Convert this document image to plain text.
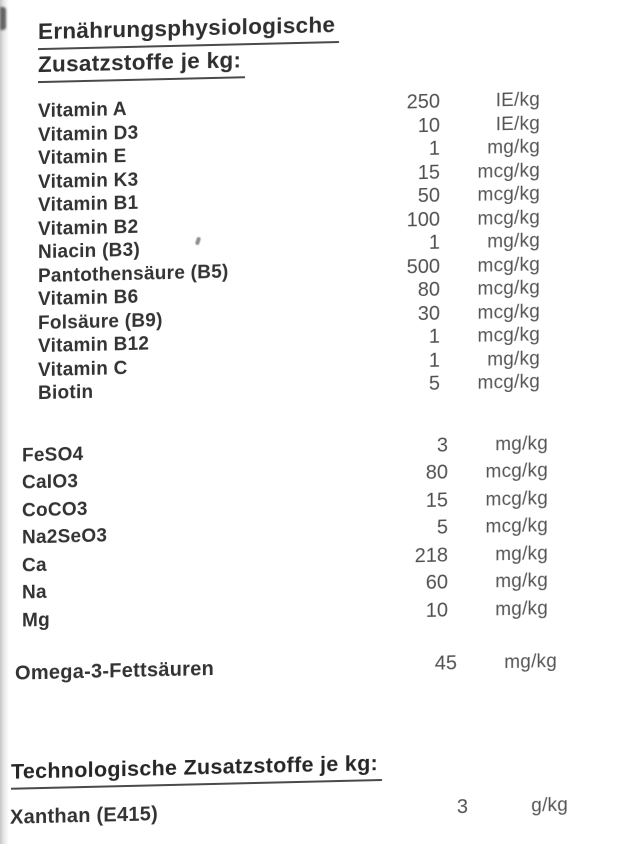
Ernährungsphysiologische
Zusatzstoffe je kg:
Vitamin A	250	IE/kg
Vitamin D3	10	IE/kg
Vitamin E	1	mg/kg
Vitamin K3	15	mcg/kg
Vitamin B1	50	mcg/kg
Vitamin B2	100	mcg/kg
Niacin (B3)	1	mg/kg
Pantothensäure (B5)	500	mcg/kg
Vitamin B6	80	mcg/kg
Folsäure (B9)	30	mcg/kg
Vitamin B12	1	mcg/kg
Vitamin C	1	mg/kg
Biotin	5	mcg/kg
FeSO4	3	mg/kg
CaIO3	80	mcg/kg
CoCO3	15	mcg/kg
Na2SeO3	5	mcg/kg
Ca	218	mg/kg
Na	60	mg/kg
Mg	10	mg/kg
Omega-3-Fettsäuren	45	mg/kg
Technologische Zusatzstoffe je kg:
Xanthan (E415)	3	g/kg
